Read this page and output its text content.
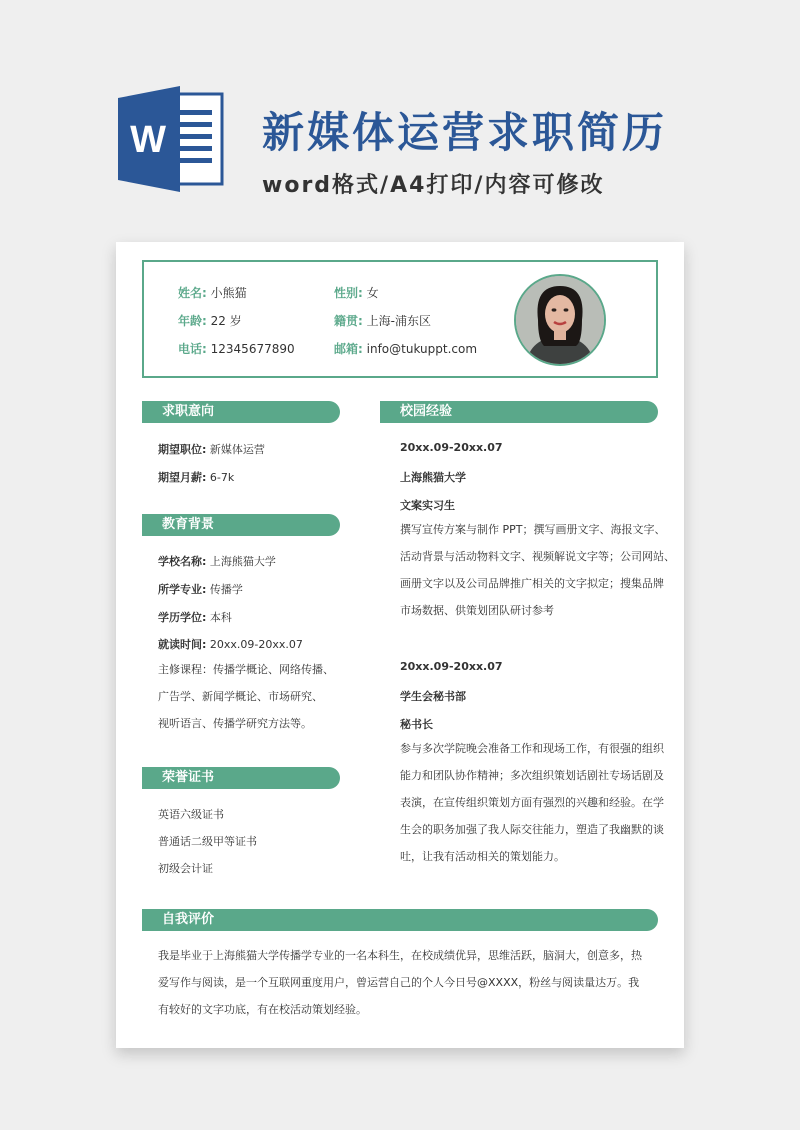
W 新媒体运营求职简历
word格式/A4打印/内容可修改
姓名: 小熊猫	性别: 女
年龄: 22 岁	籍贯: 上海-浦东区
电话: 12345677890	邮箱: info@tukuppt.com
求职意向
期望职位: 新媒体运营
期望月薪: 6-7k
教育背景
学校名称: 上海熊猫大学
所学专业: 传播学
学历学位: 本科
就读时间: 20xx.09-20xx.07
主修课程：传播学概论、网络传播、
广告学、新闻学概论、市场研究、
视听语言、传播学研究方法等。
荣誉证书
英语六级证书
普通话二级甲等证书
初级会计证
校园经验
20xx.09-20xx.07
上海熊猫大学
文案实习生
撰写宣传方案与制作 PPT；撰写画册文字、海报文字、
活动背景与活动物料文字、视频解说文字等；公司网站、
画册文字以及公司品牌推广相关的文字拟定；搜集品牌
市场数据、供策划团队研讨参考
20xx.09-20xx.07
学生会秘书部
秘书长
参与多次学院晚会准备工作和现场工作，有很强的组织
能力和团队协作精神；多次组织策划话剧社专场话剧及
表演，在宣传组织策划方面有强烈的兴趣和经验。在学
生会的职务加强了我人际交往能力，塑造了我幽默的谈
吐，让我有活动相关的策划能力。
自我评价
我是毕业于上海熊猫大学传播学专业的一名本科生，在校成绩优异，思维活跃，脑洞大，创意多，热
爱写作与阅读，是一个互联网重度用户，曾运营自己的个人今日号@XXXX，粉丝与阅读量达万。我
有较好的文字功底，有在校活动策划经验。
